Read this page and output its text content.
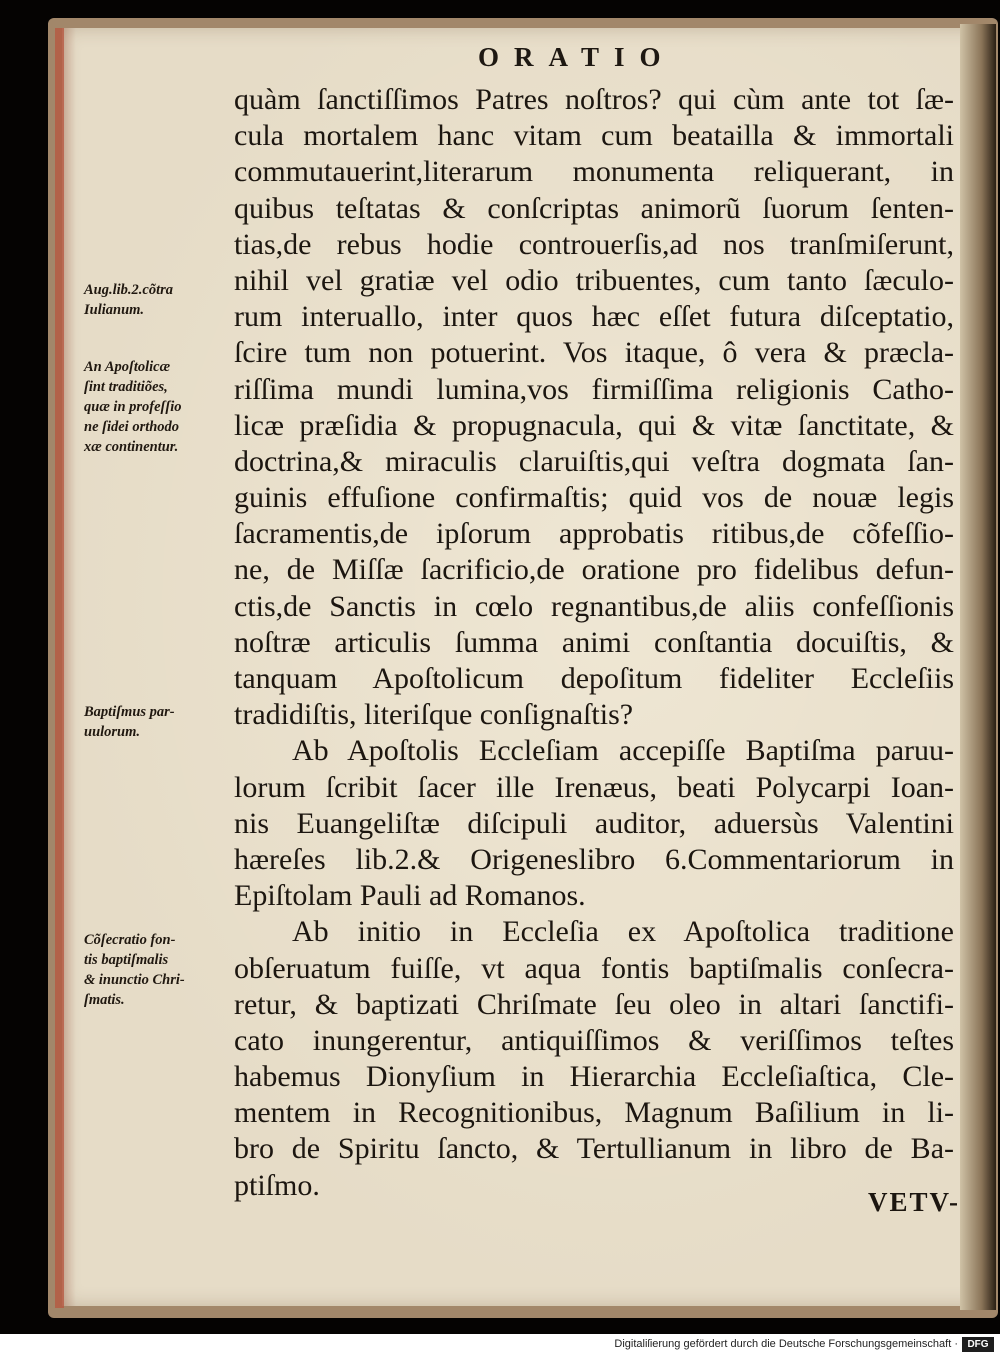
ORATIO
quàm ſanctiſſimos Patres noſtros? qui cùm ante tot ſæ-
cula mortalem hanc vitam cum beataillа & immortali
commutauerint,literarum monumenta reliquerant, in
quibus teſtatas & conſcriptas animorũ ſuorum ſenten-
tias,de rebus hodie controuerſis,ad nos tranſmiſerunt,
nihil vel gratiæ vel odio tribuentes, cum tanto ſæculo-
rum interuallo, inter quos hæc eſſet futura diſceptatio,
ſcire tum non potuerint. Vos itaque, ô vera & præcla-
riſſima mundi lumina,vos firmiſſima religionis Catho-
licæ præſidia & propugnacula, qui & vitæ ſanctitate, &
doctrina,& miraculis claruiſtis,qui veſtra dogmata ſan-
guinis effuſione confirmaſtis; quid vos de nouæ legis
ſacramentis,de ipſorum approbatis ritibus,de cõfeſſio-
ne, de Miſſæ ſacrificio,de oratione pro fidelibus defun-
ctis,de Sanctis in cœlo regnantibus,de aliis confeſſionis
noſtræ articulis ſumma animi conſtantia docuiſtis, &
tanquam Apoſtolicum depoſitum fideliter Eccleſiis
tradidiſtis, literiſque conſignaſtis?
Ab Apoſtolis Eccleſiam accepiſſe Baptiſma paruu-
lorum ſcribit ſacer ille Irenæus, beati Polycarpi Ioan-
nis Euangeliſtæ diſcipuli auditor, aduersùs Valentini
hæreſes lib.2.& Origeneslibro 6.Commentariorum in
Epiſtolam Pauli ad Romanos.
Ab initio in Eccleſia ex Apoſtolica traditione
obſeruatum fuiſſe, vt aqua fontis baptiſmalis conſecra-
retur, & baptizati Chriſmate ſeu oleo in altari ſanctifi-
cato inungerentur, antiquiſſimos & veriſſimos teſtes
habemus Dionyſium in Hierarchia Eccleſiaſtica, Cle-
mentem in Recognitionibus, Magnum Baſilium in li-
bro de Spiritu ſancto, & Tertullianum in libro de Ba-
ptiſmo.
Aug.lib.2.cõtra
Iulianum.
An Apoſtolicæ
ſint traditiões,
quæ in profeſſio
ne ſidei orthodo
xæ continentur.
Baptiſmus par-
uulorum.
Cõſecratio fon-
tis baptiſmalis
& inunctio Chri-
ſmatis.
VETV-
Digitaliſierung gefördert durch die Deutsche Forschungsgemeinschaft · DFG
